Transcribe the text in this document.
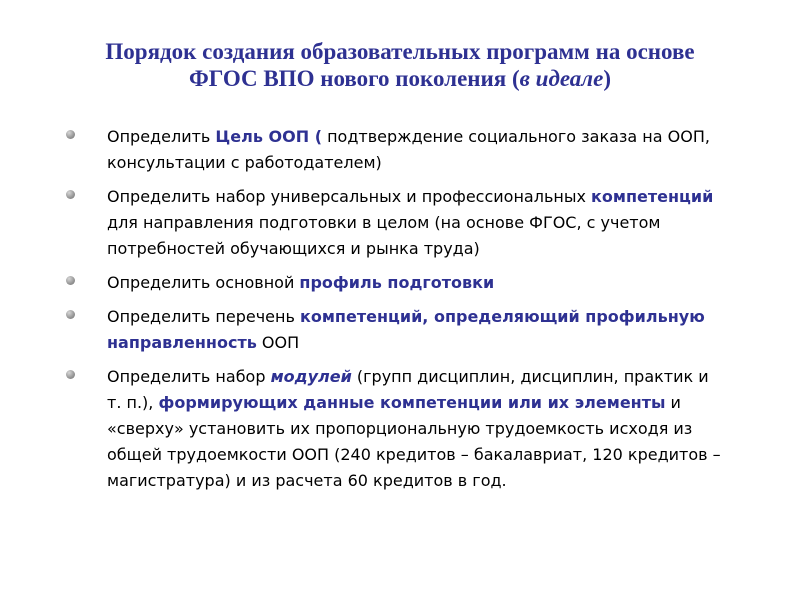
Порядок создания образовательных программ на основе
ФГОС ВПО нового поколения (в идеале)
Определить Цель ООП ( подтверждение социального заказа на ООП, консультации с работодателем)
Определить набор универсальных и профессиональных компетенций для направления подготовки в целом (на основе ФГОС, с учетом потребностей обучающихся и рынка труда)
Определить основной профиль подготовки
Определить перечень компетенций, определяющий профильную направленность ООП
Определить набор модулей (групп дисциплин, дисциплин, практик и т. п.), формирующих данные компетенции или их элементы и «сверху» установить их пропорциональную трудоемкость исходя из общей трудоемкости ООП (240 кредитов – бакалавриат, 120 кредитов – магистратура) и из расчета 60 кредитов в год.
